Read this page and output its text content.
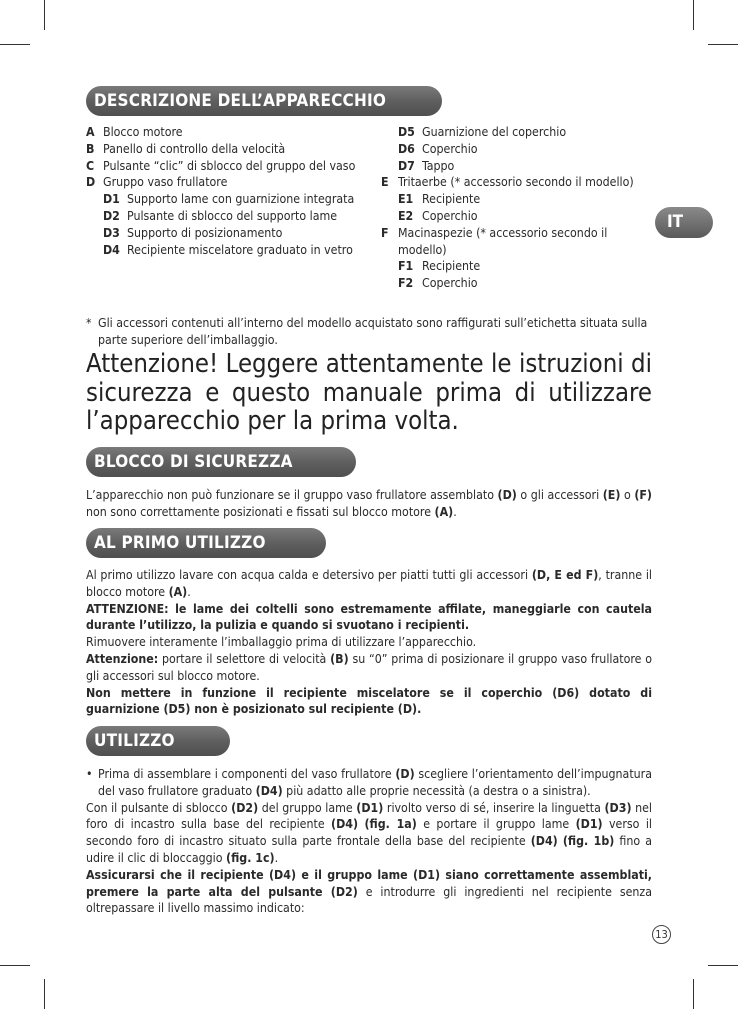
IT
DESCRIZIONE DELL’APPARECCHIO
A Blocco motore
B Panello di controllo della velocità
C Pulsante “clic” di sblocco del gruppo del vaso
D Gruppo vaso frullatore
D1 Supporto lame con guarnizione integrata
D2 Pulsante di sblocco del supporto lame
D3 Supporto di posizionamento
D4 Recipiente miscelatore graduato in vetro
D5 Guarnizione del coperchio
D6 Coperchio
D7 Tappo
E Tritaerbe (* accessorio secondo il modello)
E1 Recipiente
E2 Coperchio
F Macinaspezie (* accessorio secondo il modello)
F1 Recipiente
F2 Coperchio
* Gli accessori contenuti all’interno del modello acquistato sono raffigurati sull’etichetta situata sulla parte superiore dell’imballaggio.
Attenzione! Leggere attentamente le istruzioni di sicurezza e questo manuale prima di utilizzare l’apparecchio per la prima volta.
BLOCCO DI SICUREZZA

L’apparecchio non può funzionare se il gruppo vaso frullatore assemblato (D) o gli accessori (E) o (F) non sono correttamente posizionati e fissati sul blocco motore (A).

AL PRIMO UTILIZZO

Al primo utilizzo lavare con acqua calda e detersivo per piatti tutti gli accessori (D, E ed F), tranne il blocco motore (A).

ATTENZIONE: le lame dei coltelli sono estremamente affilate, maneggiarle con cautela durante l’utilizzo, la pulizia e quando si svuotano i recipienti.

Rimuovere interamente l’imballaggio prima di utilizzare l’apparecchio.

Attenzione: portare il selettore di velocità (B) su “0” prima di posizionare il gruppo vaso frullatore o gli accessori sul blocco motore.

Non mettere in funzione il recipiente miscelatore se il coperchio (D6) dotato di guarnizione (D5) non è posizionato sul recipiente (D).

UTILIZZO
• Prima di assemblare i componenti del vaso frullatore (D) scegliere l’orientamento dell’impugnatura del vaso frullatore graduato (D4) più adatto alle proprie necessità (a destra o a sinistra).

Con il pulsante di sblocco (D2) del gruppo lame (D1) rivolto verso di sé, inserire la linguetta (D3) nel foro di incastro sulla base del recipiente (D4) (fig. 1a) e portare il gruppo lame (D1) verso il secondo foro di incastro situato sulla parte frontale della base del recipiente (D4) (fig. 1b) fino a udire il clic di bloccaggio (fig. 1c).

Assicurarsi che il recipiente (D4) e il gruppo lame (D1) siano correttamente assemblati, premere la parte alta del pulsante (D2) e introdurre gli ingredienti nel recipiente senza oltrepassare il livello massimo indicato:

13
